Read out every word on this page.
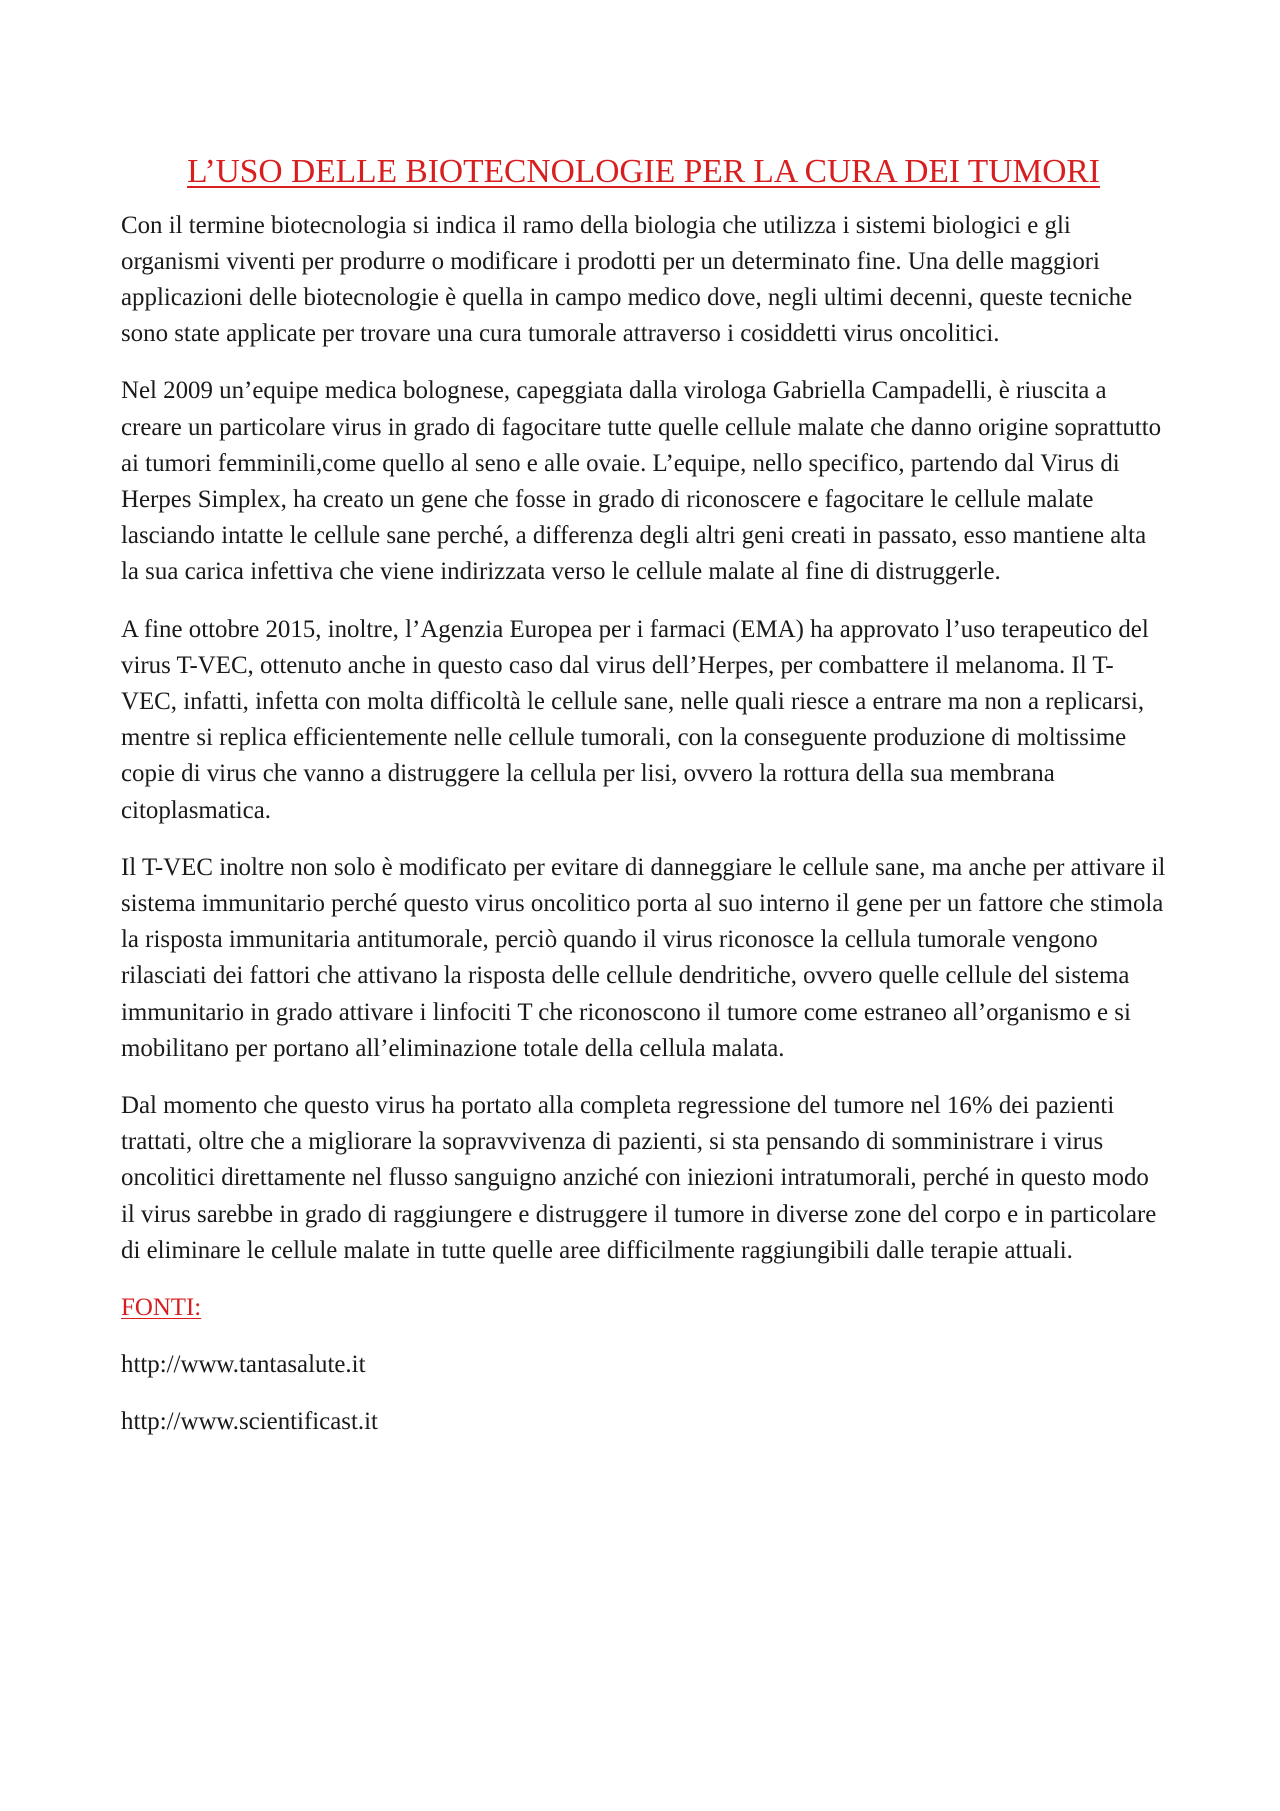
L’USO DELLE BIOTECNOLOGIE PER LA CURA DEI TUMORI

Con il termine biotecnologia si indica il ramo della biologia che utilizza i sistemi biologici e gli organismi viventi per produrre o modificare i prodotti per un determinato fine. Una delle maggiori applicazioni delle biotecnologie è quella in campo medico dove, negli ultimi decenni, queste tecniche sono state applicate per trovare una cura tumorale attraverso i cosiddetti virus oncolitici.

Nel 2009 un’equipe medica bolognese, capeggiata dalla virologa Gabriella Campadelli, è riuscita a creare un particolare virus in grado di fagocitare tutte quelle cellule malate che danno origine soprattutto ai tumori femminili,come quello al seno e alle ovaie. L’equipe, nello specifico, partendo dal Virus di Herpes Simplex, ha creato un gene che fosse in grado di riconoscere e fagocitare le cellule malate lasciando intatte le cellule sane perché, a differenza degli altri geni creati in passato, esso mantiene alta la sua carica infettiva che viene indirizzata verso le cellule malate al fine di distruggerle.

A fine ottobre 2015, inoltre, l’Agenzia Europea per i farmaci (EMA) ha approvato l’uso terapeutico del virus T-VEC, ottenuto anche in questo caso dal virus dell’Herpes, per combattere il melanoma. Il T-VEC, infatti, infetta con molta difficoltà le cellule sane, nelle quali riesce a entrare ma non a replicarsi, mentre si replica efficientemente nelle cellule tumorali, con la conseguente produzione di moltissime copie di virus che vanno a distruggere la cellula per lisi, ovvero la rottura della sua membrana citoplasmatica.

Il T-VEC inoltre non solo è modificato per evitare di danneggiare le cellule sane, ma anche per attivare il sistema immunitario perché questo virus oncolitico porta al suo interno il gene per un fattore che stimola la risposta immunitaria antitumorale, perciò quando il virus riconosce la cellula tumorale vengono rilasciati dei fattori che attivano la risposta delle cellule dendritiche, ovvero quelle cellule del sistema immunitario in grado attivare i linfociti T che riconoscono il tumore come estraneo all’organismo e si mobilitano per portano all’eliminazione totale della cellula malata.

Dal momento che questo virus ha portato alla completa regressione del tumore nel 16% dei pazienti trattati, oltre che a migliorare la sopravvivenza di pazienti, si sta pensando di somministrare i virus oncolitici direttamente nel flusso sanguigno anziché con iniezioni intratumorali, perché in questo modo il virus sarebbe in grado di raggiungere e distruggere il tumore in diverse zone del corpo e in particolare di eliminare le cellule malate in tutte quelle aree difficilmente raggiungibili dalle terapie attuali.

FONTI:

http://www.tantasalute.it

http://www.scientificast.it
